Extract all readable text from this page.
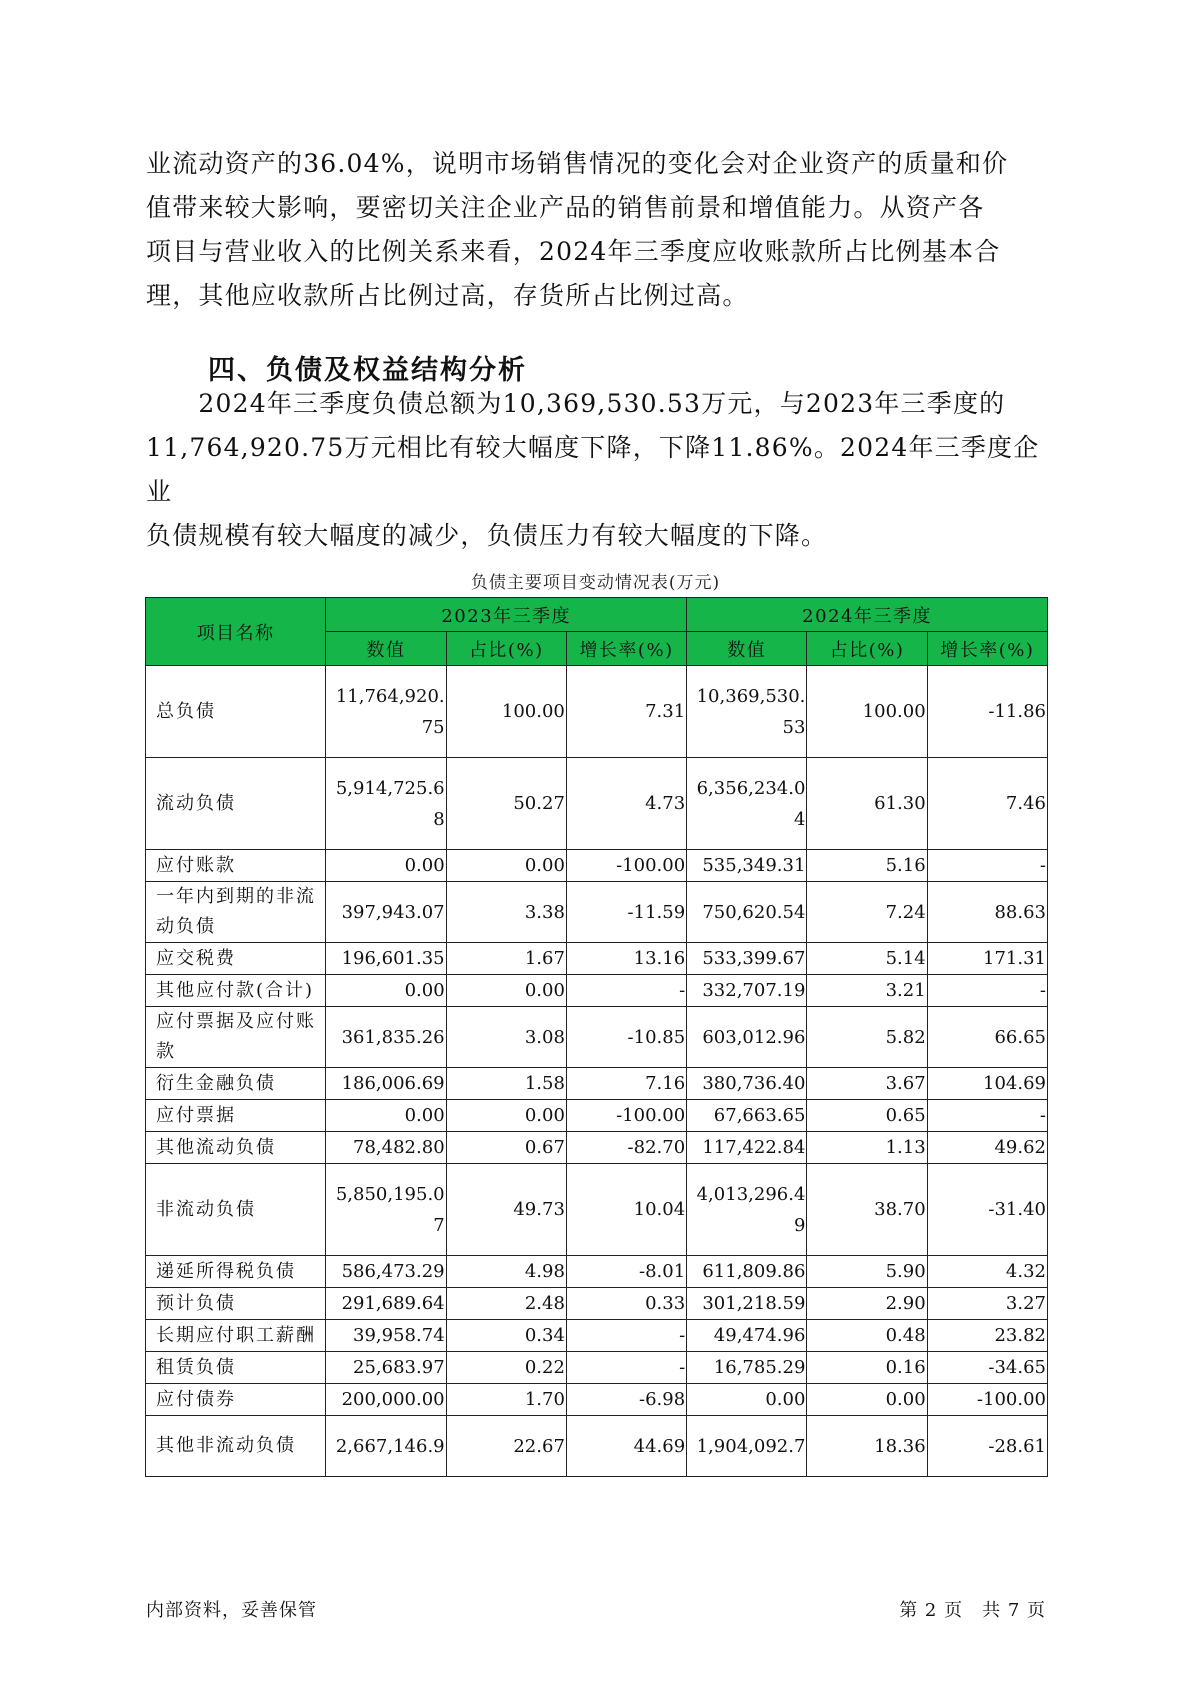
业流动资产的36.04%，说明市场销售情况的变化会对企业资产的质量和价

值带来较大影响，要密切关注企业产品的销售前景和增值能力。从资产各

项目与营业收入的比例关系来看，2024年三季度应收账款所占比例基本合

理，其他应收款所占比例过高，存货所占比例过高。

四、负债及权益结构分析

　　2024年三季度负债总额为10,369,530.53万元，与2023年三季度的

11,764,920.75万元相比有较大幅度下降，下降11.86%。2024年三季度企业

负债规模有较大幅度的减少，负债压力有较大幅度的下降。

负债主要项目变动情况表(万元)
项目名称	2023年三季度			2024年三季度		
	数值	占比(%)	增长率(%)	数值	占比(%)	增长率(%)
总负债	11,764,920.75	100.00	7.31	10,369,530.53	100.00	-11.86
流动负债	5,914,725.68	50.27	4.73	6,356,234.04	61.30	7.46
应付账款	0.00	0.00	-100.00	535,349.31	5.16	-
一年内到期的非流动负债	397,943.07	3.38	-11.59	750,620.54	7.24	88.63
应交税费	196,601.35	1.67	13.16	533,399.67	5.14	171.31
其他应付款(合计)	0.00	0.00	-	332,707.19	3.21	-
应付票据及应付账款	361,835.26	3.08	-10.85	603,012.96	5.82	66.65
衍生金融负债	186,006.69	1.58	7.16	380,736.40	3.67	104.69
应付票据	0.00	0.00	-100.00	67,663.65	0.65	-
其他流动负债	78,482.80	0.67	-82.70	117,422.84	1.13	49.62
非流动负债	5,850,195.07	49.73	10.04	4,013,296.49	38.70	-31.40
递延所得税负债	586,473.29	4.98	-8.01	611,809.86	5.90	4.32
预计负债	291,689.64	2.48	0.33	301,218.59	2.90	3.27
长期应付职工薪酬	39,958.74	0.34	-	49,474.96	0.48	23.82
租赁负债	25,683.97	0.22	-	16,785.29	0.16	-34.65
应付债券	200,000.00	1.70	-6.98	0.00	0.00	-100.00
其他非流动负债	2,667,146.9	22.67	44.69	1,904,092.7	18.36	-28.61
内部资料，妥善保管	第 2 页　共 7 页
